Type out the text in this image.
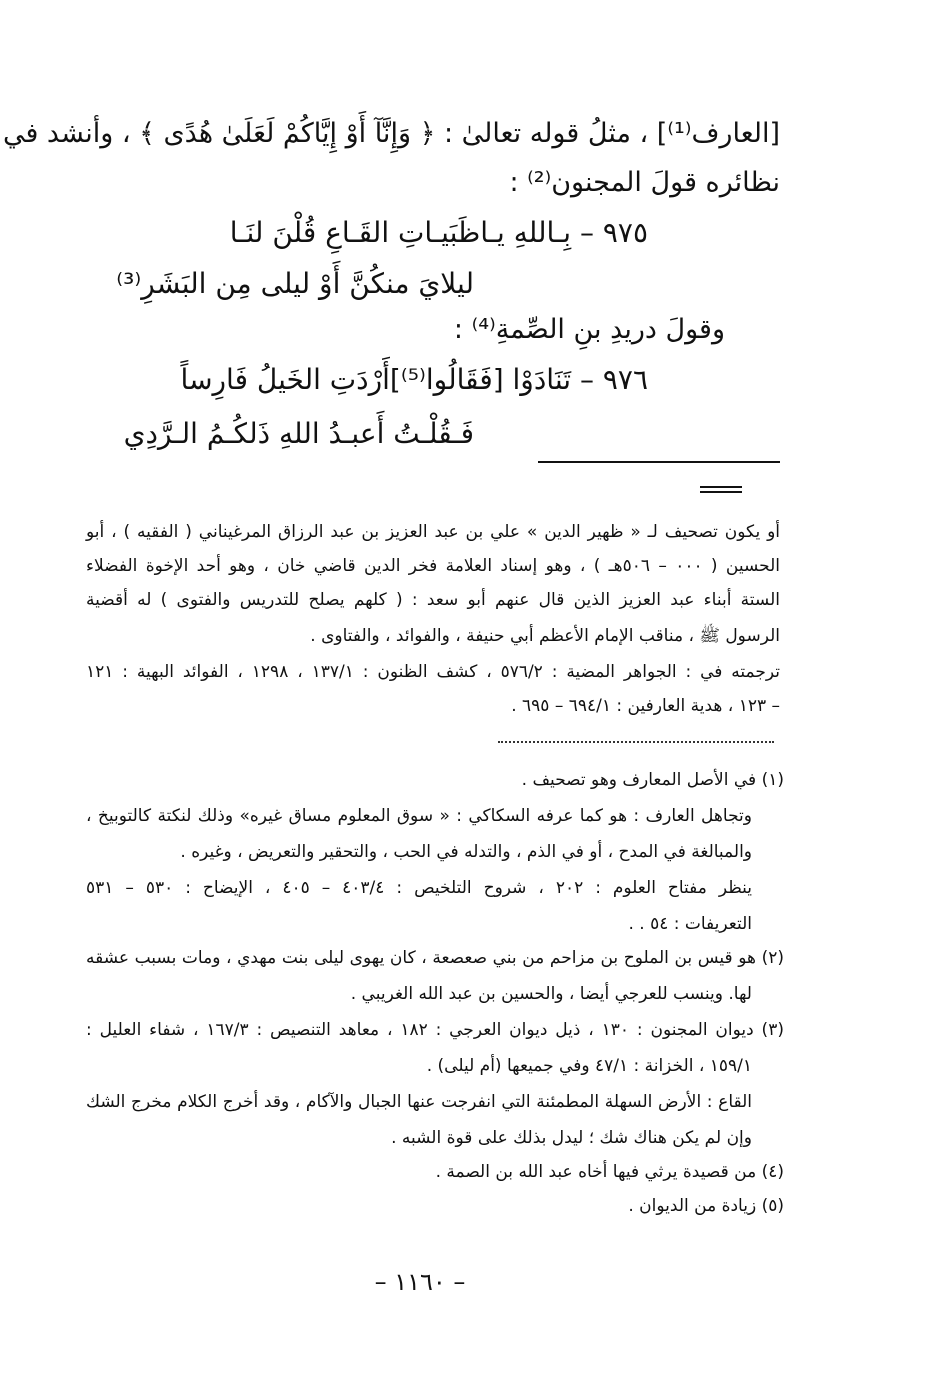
[العارف⁽¹⁾] ، مثلُ قوله تعالىٰ : ﴿ وَإِنَّآ أَوْ إِيَّاكُمْ لَعَلَىٰ هُدًى ﴾ ، وأنشد في
نظائره قولَ المجنون⁽²⁾ :
٩٧٥ – بِـاللهِ يـاظَبَيـاتِ القَـاعِ قُلْنَ لنَـا
ليلايَ منكُنَّ أَوْ ليلى مِن البَشَرِ⁽³⁾
وقولَ دريدِ بنِ الصِّمةِ⁽⁴⁾ :
٩٧٦ – تَنَادَوْا [فَقَالُوا⁽⁵⁾]أَرْدَتِ الخَيلُ فَارِساً
فَـقُلْـتُ أَعبـدُ اللهِ ذَلكُـمُ الـرَّدِي
أو يكون تصحيف لـ « ظهير الدين » علي بن عبد العزيز بن عبد الرزاق المرغيناني ( الفقيه ) ، أبو
الحسين ( ٠٠٠ – ٥٠٦هـ ) ، وهو إسناد العلامة فخر الدين قاضي خان ، وهو أحد الإخوة الفضلاء
الستة أبناء عبد العزيز الذين قال عنهم أبو سعد : ( كلهم يصلح للتدريس والفتوى ) له أقضية
الرسول ﷺ ، مناقب الإمام الأعظم أبي حنيفة ، والفوائد ، والفتاوى .
ترجمته في : الجواهر المضية : ٥٧٦/٢ ، كشف الظنون : ١٣٧/١ ، ١٢٩٨ ، الفوائد البهية : ١٢١
– ١٢٣ ، هدية العارفين : ٦٩٤/١ – ٦٩٥ .
(١) في الأصل المعارف وهو تصحيف .
وتجاهل العارف : هو كما عرفه السكاكي : « سوق المعلوم مساق غيره» وذلك لنكتة كالتوبيخ ،
والمبالغة في المدح ، أو في الذم ، والتدله في الحب ، والتحقير والتعريض ، وغيره .
ينظر مفتاح العلوم : ٢٠٢ ، شروح التلخيص : ٤٠٣/٤ – ٤٠٥ ، الإيضاح : ٥٣٠ – ٥٣١
التعريفات : ٥٤ . .
(٢) هو قيس بن الملوح بن مزاحم من بني صعصعة ، كان يهوى ليلى بنت مهدي ، ومات بسبب عشقه
لها. وينسب للعرجي أيضا ، والحسين بن عبد الله الغريبي .
(٣) ديوان المجنون : ١٣٠ ، ذيل ديوان العرجي : ١٨٢ ، معاهد التنصيص : ١٦٧/٣ ، شفاء العليل :
١٥٩/١ ، الخزانة : ٤٧/١ وفي جميعها (أم ليلى) .
القاع : الأرض السهلة المطمئنة التي انفرجت عنها الجبال والآكام ، وقد أخرج الكلام مخرج الشك
وإن لم يكن هناك شك ؛ ليدل بذلك على قوة الشبه .
(٤) من قصيدة يرثي فيها أخاه عبد الله بن الصمة .
(٥) زيادة من الديوان .
– ١١٦٠ –
